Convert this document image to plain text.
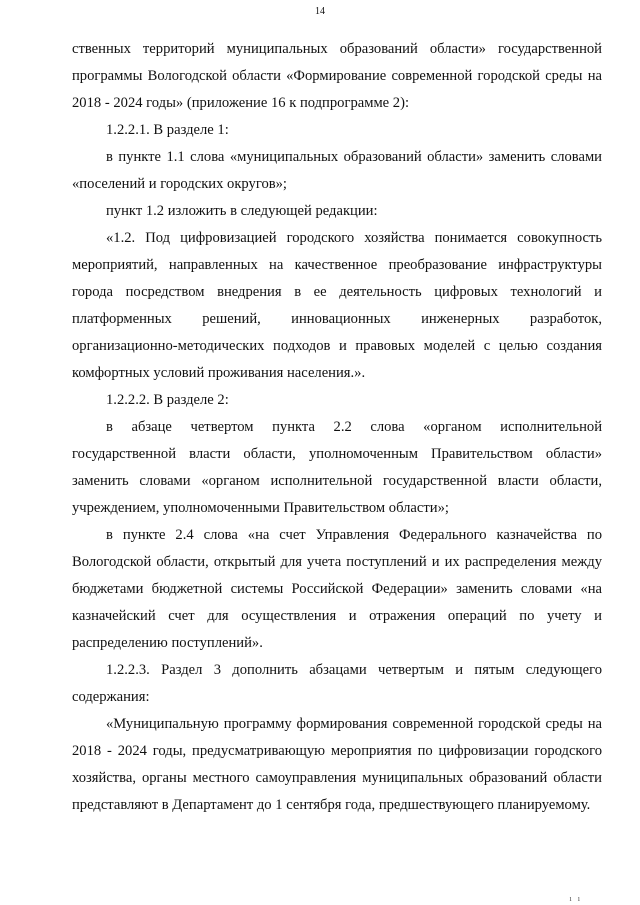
14

ственных территорий муниципальных образований области» государственной программы Вологодской области «Формирование современной городской среды на 2018 - 2024 годы» (приложение 16 к подпрограмме 2):

1.2.2.1. В разделе 1:

в пункте 1.1 слова «муниципальных образований области» заменить словами «поселений и городских округов»;

пункт 1.2 изложить в следующей редакции:

«1.2. Под цифровизацией городского хозяйства понимается совокупность мероприятий, направленных на качественное преобразование инфраструктуры города посредством внедрения в ее деятельность цифровых технологий и платформенных решений, инновационных инженерных разработок, организационно-методических подходов и правовых моделей с целью создания комфортных условий проживания населения.».

1.2.2.2. В разделе 2:

в абзаце четвертом пункта 2.2 слова «органом исполнительной государственной власти области, уполномоченным Правительством области» заменить словами «органом исполнительной государственной власти области, учреждением, уполномоченными Правительством области»;

в пункте 2.4 слова «на счет Управления Федерального казначейства по Вологодской области, открытый для учета поступлений и их распределения между бюджетами бюджетной системы Российской Федерации» заменить словами «на казначейский счет для осуществления и отражения операций по учету и распределению поступлений».

1.2.2.3. Раздел 3 дополнить абзацами четвертым и пятым следующего содержания:

«Муниципальную программу формирования современной городской среды на 2018 - 2024 годы, предусматривающую мероприятия по цифровизации городского хозяйства, органы местного самоуправления муниципальных образований области представляют в Департамент до 1 сентября года, предшествующего планируемому.

ı ı
